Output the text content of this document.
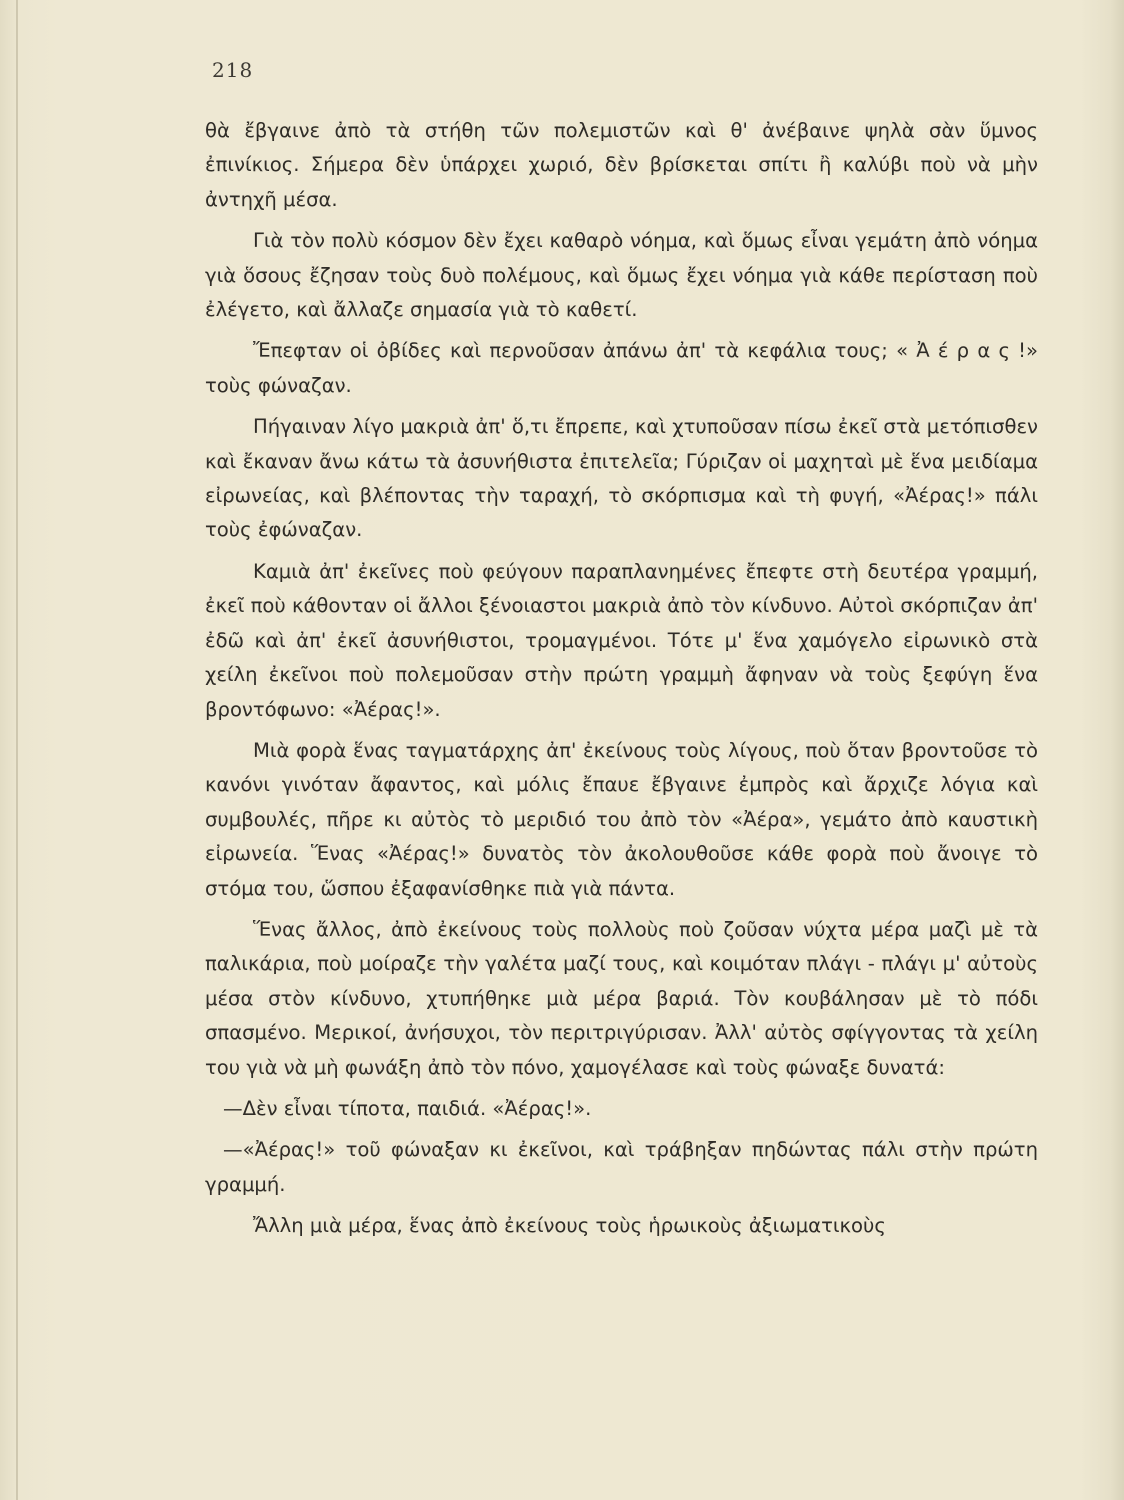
218

θὰ ἔβγαινε ἀπὸ τὰ στήθη τῶν πολεμιστῶν καὶ θ' ἀνέβαινε ψηλὰ σὰν ὕμνος ἐπινίκιος. Σήμερα δὲν ὑπάρχει χωριό, δὲν βρίσκεται σπίτι ἢ καλύβι ποὺ νὰ μὴν ἀντηχῆ μέσα.

Γιὰ τὸν πολὺ κόσμον δὲν ἔχει καθαρὸ νόημα, καὶ ὅμως εἶναι γεμάτη ἀπὸ νόημα γιὰ ὅσους ἔζησαν τοὺς δυὸ πολέμους, καὶ ὅμως ἔχει νόημα γιὰ κάθε περίσταση ποὺ ἐλέγετο, καὶ ἄλλαζε σημασία γιὰ τὸ καθετί.

Ἔπεφταν οἱ ὀβίδες καὶ περνοῦσαν ἀπάνω ἀπ' τὰ κεφάλια τους; « Ἀ έ ρ α ς !» τοὺς φώναζαν.

Πήγαιναν λίγο μακριὰ ἀπ' ὅ,τι ἔπρεπε, καὶ χτυποῦσαν πίσω ἐκεῖ στὰ μετόπισθεν καὶ ἔκαναν ἄνω κάτω τὰ ἀσυνήθιστα ἐπιτελεῖα; Γύριζαν οἱ μαχηταὶ μὲ ἕνα μειδίαμα εἰρωνείας, καὶ βλέποντας τὴν ταραχή, τὸ σκόρπισμα καὶ τὴ φυγή, «Ἀέρας!» πάλι τοὺς ἐφώναζαν.

Καμιὰ ἀπ' ἐκεῖνες ποὺ φεύγουν παραπλανημένες ἔπεφτε στὴ δευτέρα γραμμή, ἐκεῖ ποὺ κάθονταν οἱ ἄλλοι ξένοιαστοι μακριὰ ἀπὸ τὸν κίνδυνο. Αὐτοὶ σκόρπιζαν ἀπ' ἐδῶ καὶ ἀπ' ἐκεῖ ἀσυνήθιστοι, τρομαγμένοι. Τότε μ' ἕνα χαμόγελο εἰρωνικὸ στὰ χείλη ἐκεῖνοι ποὺ πολεμοῦσαν στὴν πρώτη γραμμὴ ἄφηναν νὰ τοὺς ξεφύγη ἕνα βροντόφωνο: «Ἀέρας!».

Μιὰ φορὰ ἕνας ταγματάρχης ἀπ' ἐκείνους τοὺς λίγους, ποὺ ὅταν βροντοῦσε τὸ κανόνι γινόταν ἄφαντος, καὶ μόλις ἔπαυε ἔβγαινε ἐμπρὸς καὶ ἄρχιζε λόγια καὶ συμβουλές, πῆρε κι αὐτὸς τὸ μεριδιό του ἀπὸ τὸν «Ἀέρα», γεμάτο ἀπὸ καυστικὴ εἰρωνεία. Ἕνας «Ἀέρας!» δυνατὸς τὸν ἀκολουθοῦσε κάθε φορὰ ποὺ ἄνοιγε τὸ στόμα του, ὥσπου ἐξαφανίσθηκε πιὰ γιὰ πάντα.

Ἕνας ἄλλος, ἀπὸ ἐκείνους τοὺς πολλοὺς ποὺ ζοῦσαν νύχτα μέρα μαζὶ μὲ τὰ παλικάρια, ποὺ μοίραζε τὴν γαλέτα μαζί τους, καὶ κοιμόταν πλάγι - πλάγι μ' αὐτοὺς μέσα στὸν κίνδυνο, χτυπήθηκε μιὰ μέρα βαριά. Τὸν κουβάλησαν μὲ τὸ πόδι σπασμένο. Μερικοί, ἀνήσυχοι, τὸν περιτριγύρισαν. Ἀλλ' αὐτὸς σφίγγοντας τὰ χείλη του γιὰ νὰ μὴ φωνάξη ἀπὸ τὸν πόνο, χαμογέλασε καὶ τοὺς φώναξε δυνατά:

—Δὲν εἶναι τίποτα, παιδιά. «Ἀέρας!».

—«Ἀέρας!» τοῦ φώναξαν κι ἐκεῖνοι, καὶ τράβηξαν πηδώντας πάλι στὴν πρώτη γραμμή.

Ἄλλη μιὰ μέρα, ἕνας ἀπὸ ἐκείνους τοὺς ἡρωικοὺς ἀξιωματικοὺς
